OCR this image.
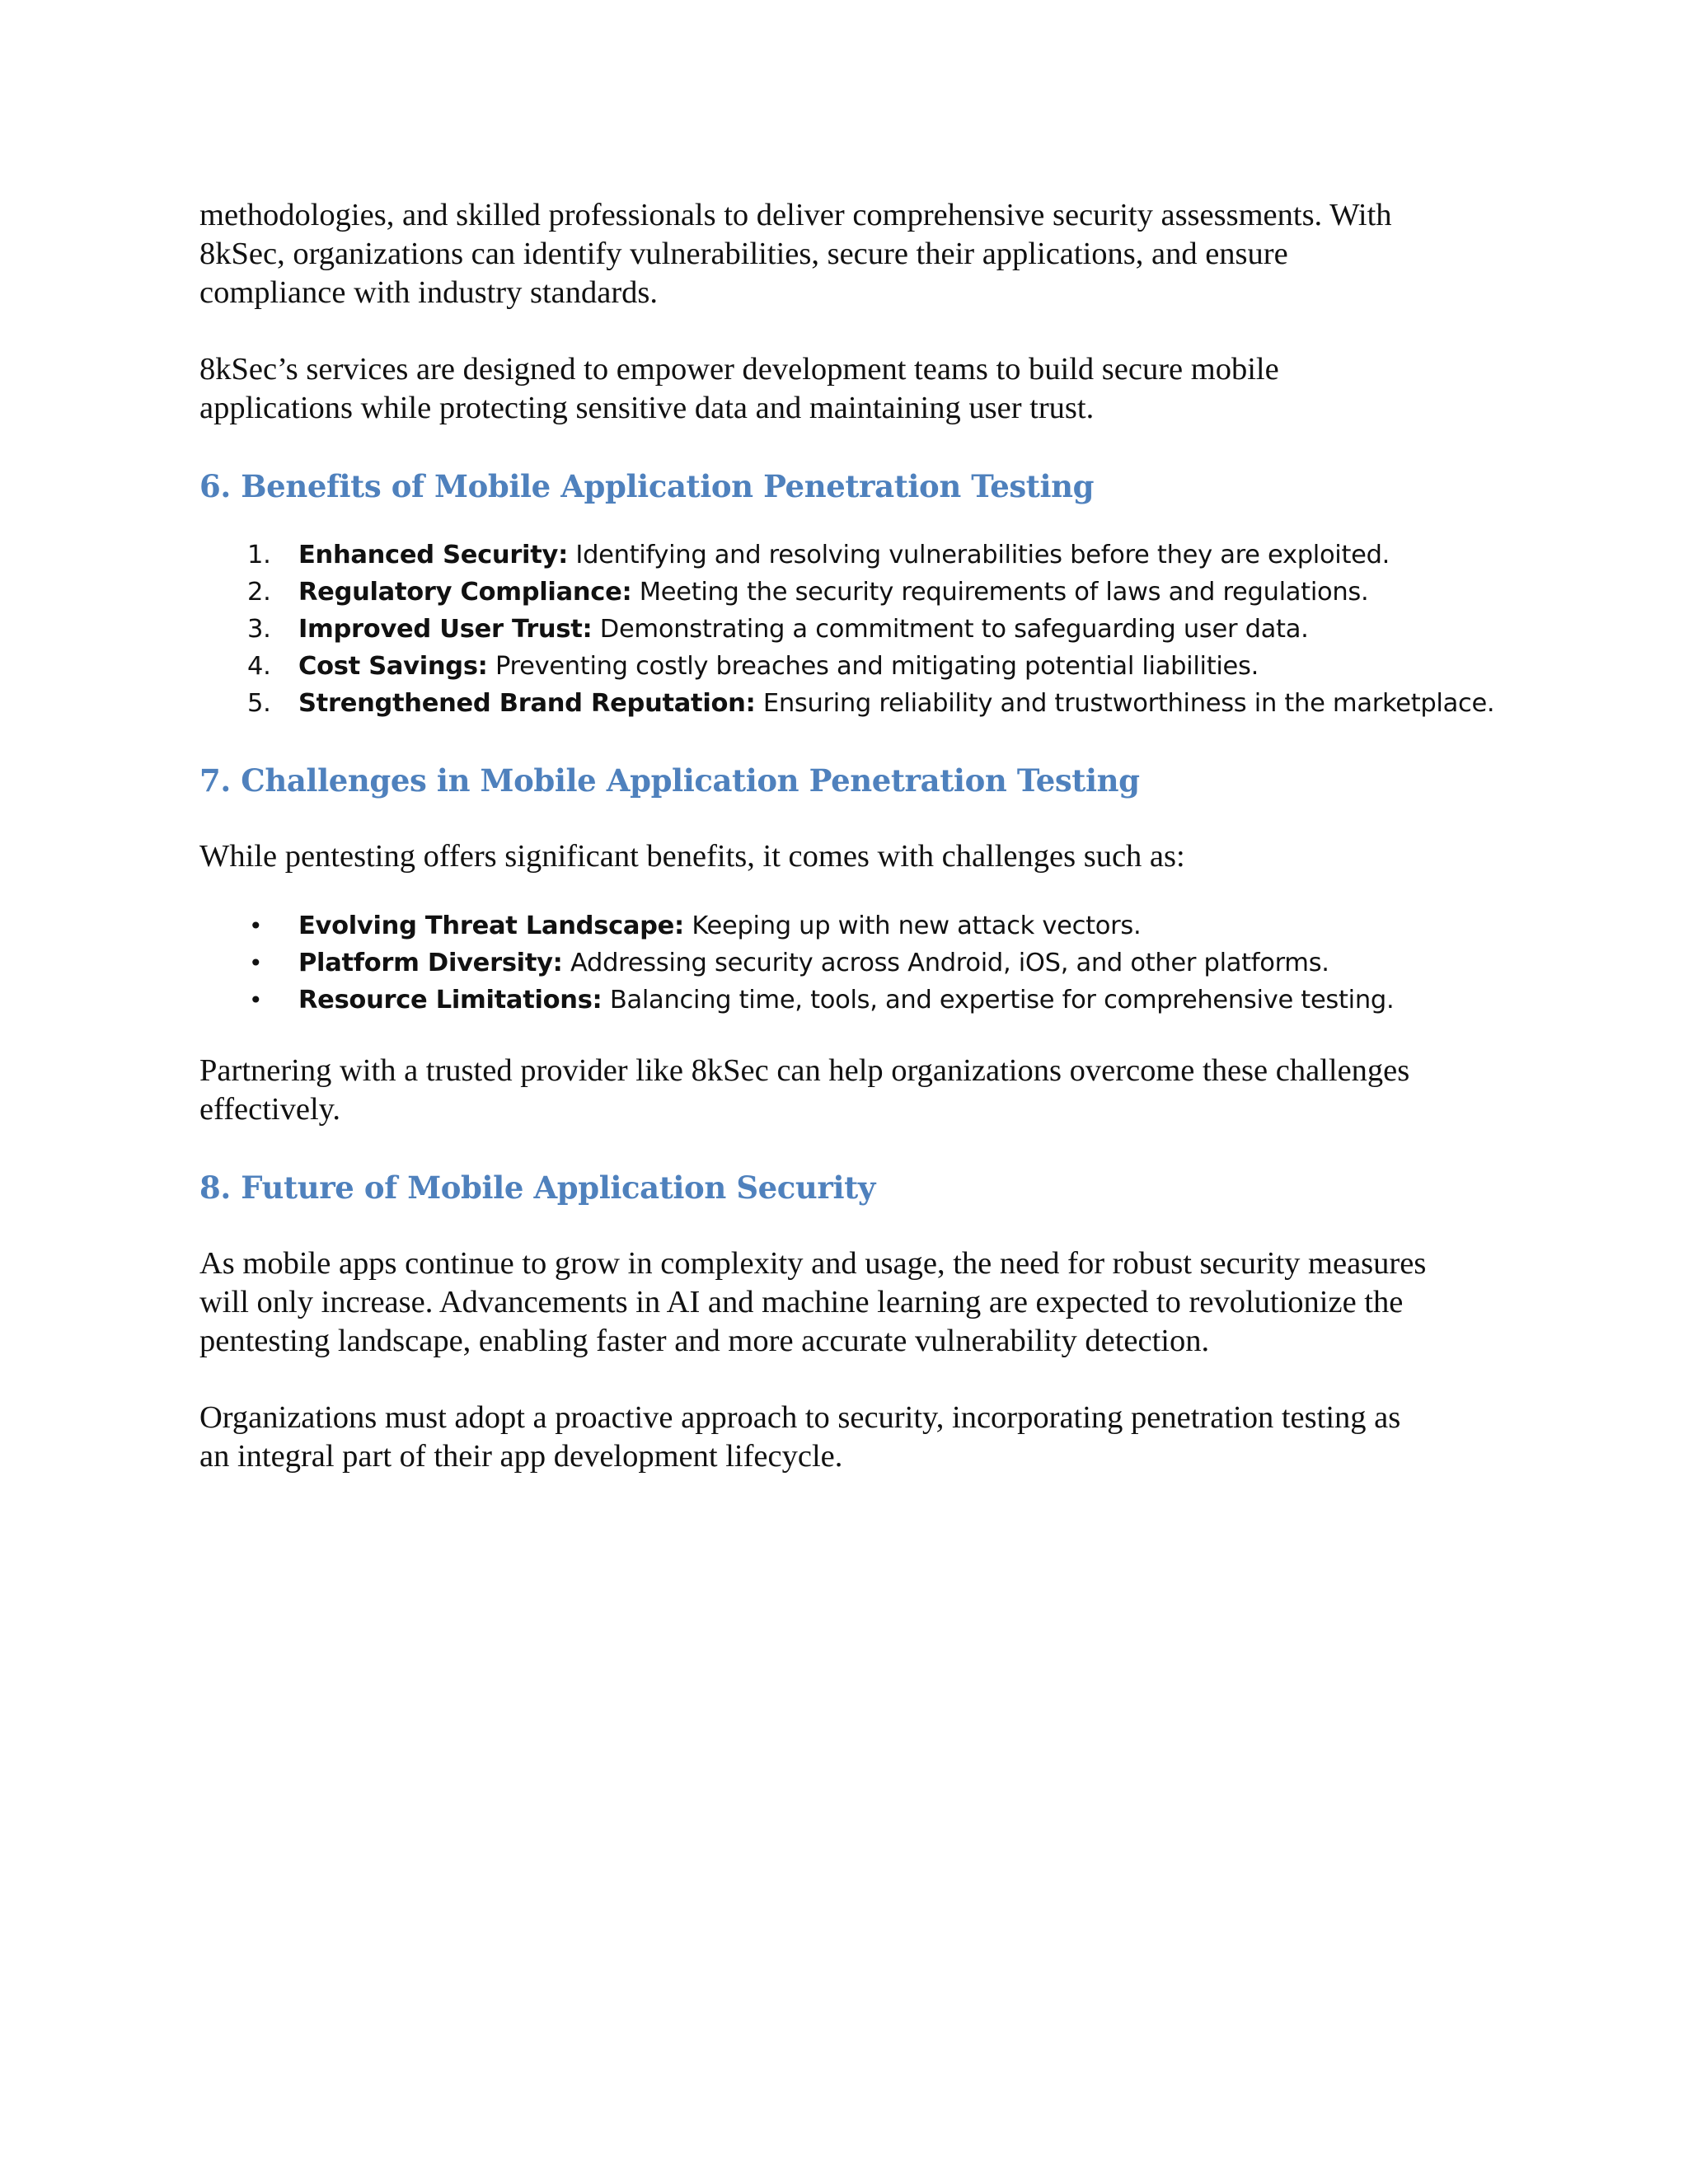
methodologies, and skilled professionals to deliver comprehensive security assessments. With
8kSec, organizations can identify vulnerabilities, secure their applications, and ensure
compliance with industry standards.

8kSec’s services are designed to empower development teams to build secure mobile
applications while protecting sensitive data and maintaining user trust.

6. Benefits of Mobile Application Penetration Testing
1. Enhanced Security: Identifying and resolving vulnerabilities before they are exploited.
2. Regulatory Compliance: Meeting the security requirements of laws and regulations.
3. Improved User Trust: Demonstrating a commitment to safeguarding user data.
4. Cost Savings: Preventing costly breaches and mitigating potential liabilities.
5. Strengthened Brand Reputation: Ensuring reliability and trustworthiness in the marketplace.
7. Challenges in Mobile Application Penetration Testing

While pentesting offers significant benefits, it comes with challenges such as:

• Evolving Threat Landscape: Keeping up with new attack vectors.
• Platform Diversity: Addressing security across Android, iOS, and other platforms.
• Resource Limitations: Balancing time, tools, and expertise for comprehensive testing.

Partnering with a trusted provider like 8kSec can help organizations overcome these challenges
effectively.

8. Future of Mobile Application Security

As mobile apps continue to grow in complexity and usage, the need for robust security measures
will only increase. Advancements in AI and machine learning are expected to revolutionize the
pentesting landscape, enabling faster and more accurate vulnerability detection.

Organizations must adopt a proactive approach to security, incorporating penetration testing as
an integral part of their app development lifecycle.
